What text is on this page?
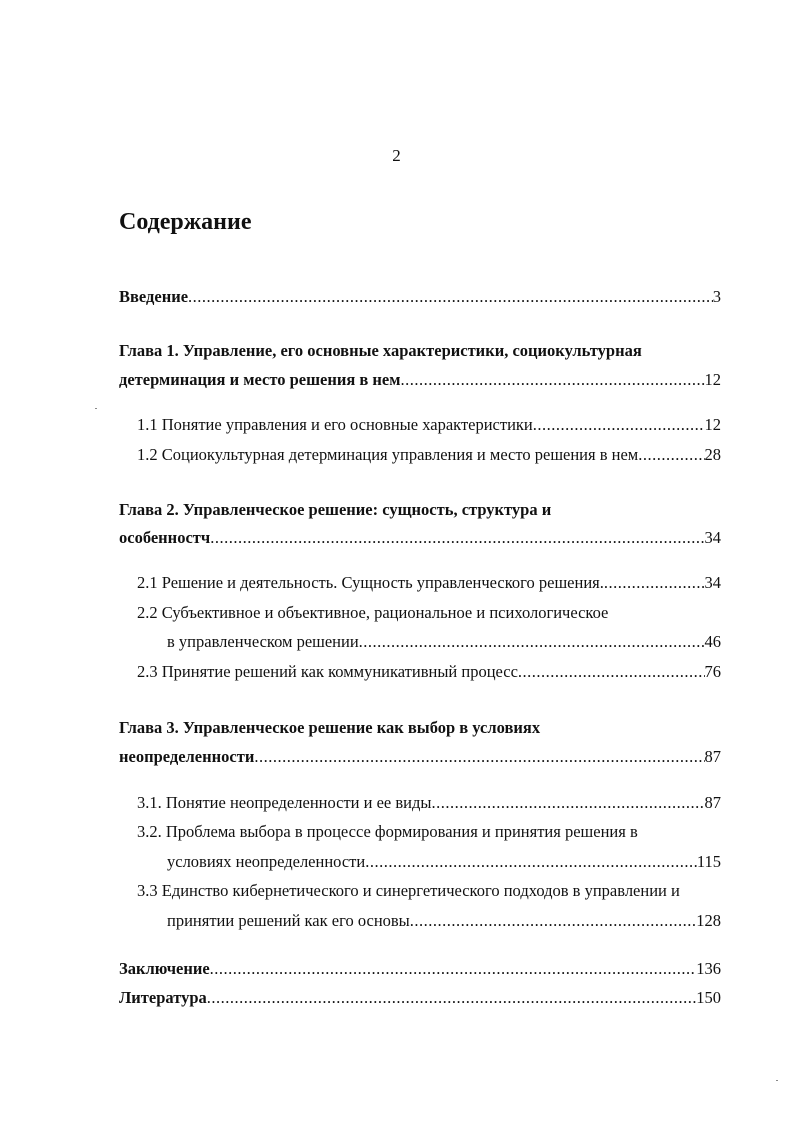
2
Содержание
Введение .....	3
Глава 1. Управление, его основные характеристики, социокультурная
детерминация и место решения в нем .....	12
1.1 Понятие управления и его основные характеристики .....	12
1.2 Социокультурная детерминация управления и место решения в нем .....	28
Глава 2. Управленческое решение: сущность, структура и
особенностч .....	34
2.1 Решение и деятельность. Сущность управленческого решения. .....	34
2.2 Субъективное и объективное, рациональное и психологическое
в управленческом решении .....	46
2.3 Принятие решений как коммуникативный процесс .....	76
Глава 3. Управленческое решение как выбор в условиях
неопределенности .....	87
3.1. Понятие неопределенности и ее виды .....	87
3.2. Проблема выбора в процессе формирования и принятия решения в
условиях неопределенности .....	115
3.3 Единство кибернетического и синергетического подходов в управлении и
принятии решений как его основы .....	128
Заключение .....	136
Литература .....	150
